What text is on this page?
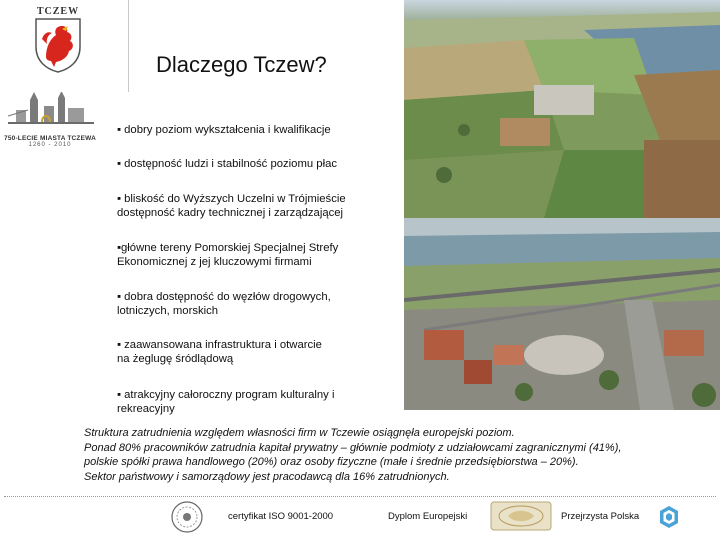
TCZEW
750-LECIE MIASTA TCZEWA
1260 - 2010
Dlaczego Tczew?
▪ dobry poziom wykształcenia i kwalifikacje
▪ dostępność ludzi i stabilność poziomu płac
▪ bliskość do Wyższych Uczelni w Trójmieście
dostępność kadry technicznej i zarządzającej
▪główne tereny Pomorskiej Specjalnej Strefy
Ekonomicznej z jej kluczowymi firmami
▪ dobra dostępność do węzłów drogowych,
lotniczych, morskich
▪ zaawansowana infrastruktura i otwarcie
na żeglugę śródlądową
▪ atrakcyjny całoroczny program kulturalny i
rekreacyjny
Struktura zatrudnienia względem własności firm w Tczewie osiągnęła europejski poziom.
Ponad 80% pracowników zatrudnia kapitał prywatny – głównie podmioty z udziałowcami zagranicznymi (41%),
polskie spółki prawa handlowego (20%) oraz osoby fizyczne (małe i średnie przedsiębiorstwa – 20%).
Sektor państwowy i samorządowy jest pracodawcą dla 16% zatrudnionych.
certyfikat ISO 9001-2000	Dyplom Europejski	Przejrzysta Polska
